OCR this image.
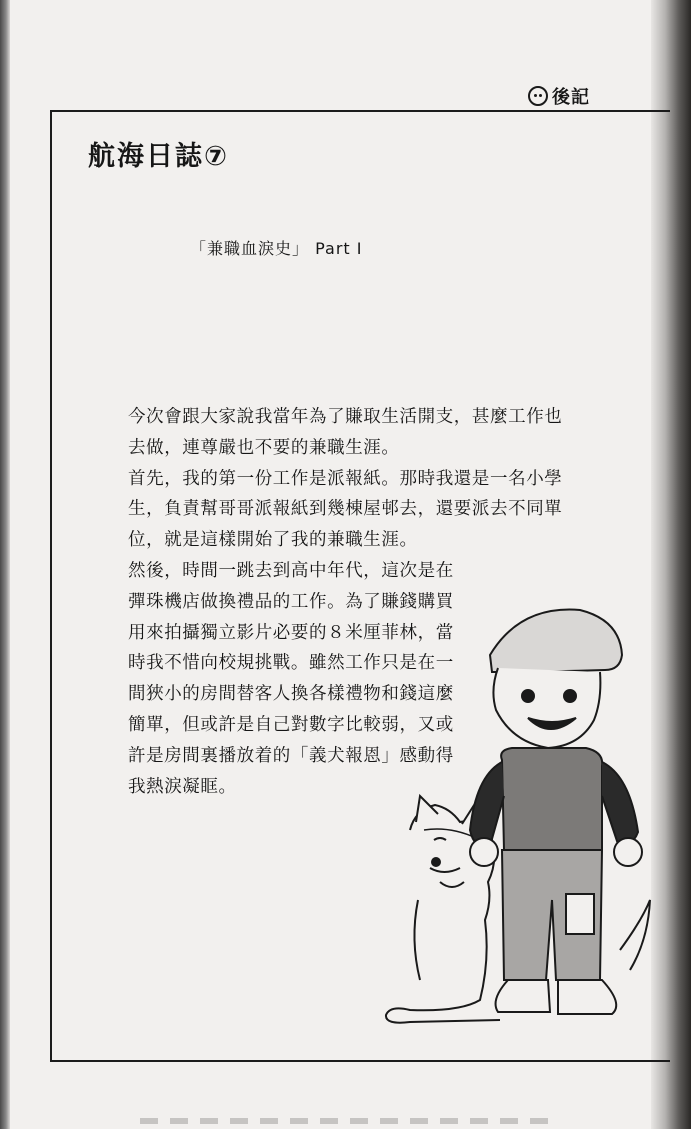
後記
航海日誌⑦
「兼職血淚史」 Part I

今次會跟大家說我當年為了賺取生活開支，甚麼工作也去做，連尊嚴也不要的兼職生涯。

首先，我的第一份工作是派報紙。那時我還是一名小學生，負責幫哥哥派報紙到幾棟屋邨去，還要派去不同單位，就是這樣開始了我的兼職生涯。

然後，時間一跳去到高中年代，這次是在彈珠機店做換禮品的工作。為了賺錢購買用來拍攝獨立影片必要的８米厘菲林，當時我不惜向校規挑戰。雖然工作只是在一間狹小的房間替客人換各樣禮物和錢這麼簡單，但或許是自己對數字比較弱，又或許是房間裏播放着的「義犬報恩」感動得我熱淚凝眶。
